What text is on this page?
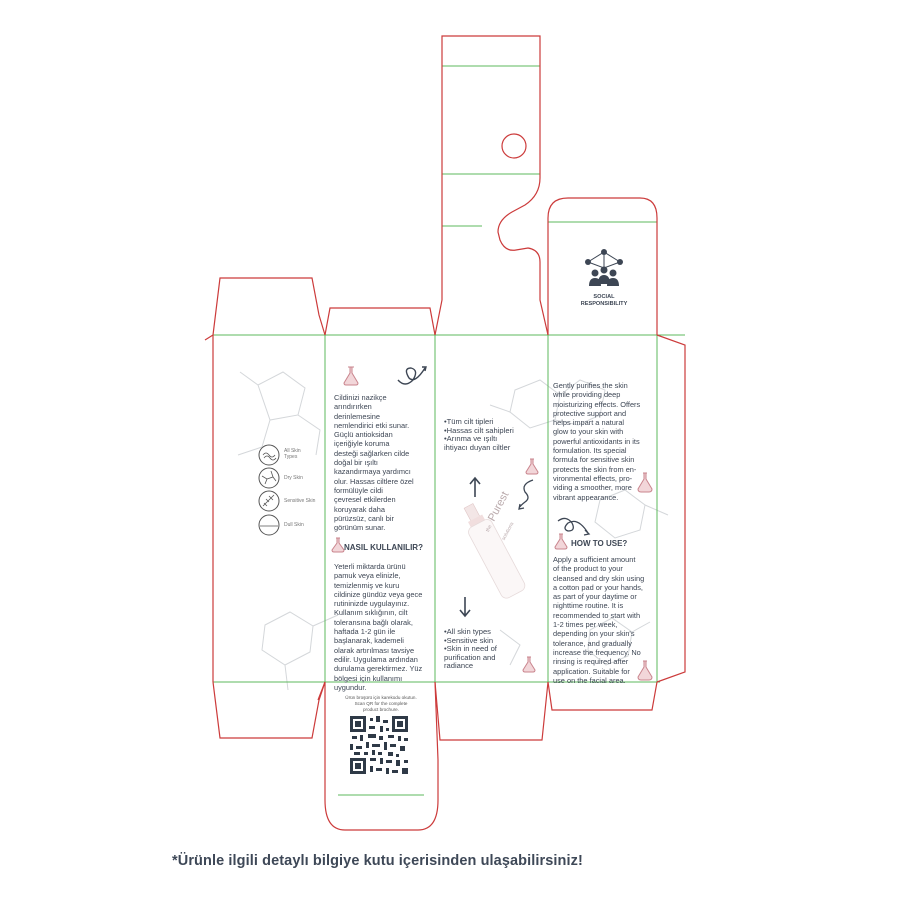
All Skin
Types
Dry Skin
Sensitive Skin
Dull Skin
Cildinizi nazikçe
arındırırken
derinlemesine
nemlendirici etki sunar.
Güçlü antioksidan
içeriğiyle koruma
desteği sağlarken cilde
doğal bir ışıltı
kazandırmaya yardımcı
olur. Hassas ciltlere özel
formülüyle cildi
çevresel etkilerden
koruyarak daha
pürüzsüz, canlı bir
görünüm sunar.
NASIL KULLANILIR?
Yeterli miktarda ürünü
pamuk veya elinizle,
temizlenmiş ve kuru
cildinize gündüz veya gece
rutininizde uygulayınız.
Kullanım sıklığının, cilt
toleransına bağlı olarak,
haftada 1-2 gün ile
başlanarak, kademeli
olarak artırılması tavsiye
edilir. Uygulama ardından
durulama gerektirmez. Yüz
bölgesi için kullanımı
uygundur.
•Tüm cilt tipleri
•Hassas cilt sahipleri
•Arınma ve ışıltı
ihtiyacı duyan ciltler
the Purest solutions
•All skin types
•Sensitive skin
•Skin in need of
purification and
radiance
Gently purifies the skin
while providing deep
moisturizing effects. Offers
protective support and
helps impart a natural
glow to your skin with
powerful antioxidants in its
formulation. Its special
formula for sensitive skin
protects the skin from en-
vironmental effects, pro-
viding a smoother, more
vibrant appearance.
HOW TO USE?
Apply a sufficient amount
of the product to your
cleansed and dry skin using
a cotton pad or your hands,
as part of your daytime or
nighttime routine. It is
recommended to start with
1-2 times per week,
depending on your skin's
tolerance, and gradually
increase the frequency. No
rinsing is required after
application. Suitable for
use on the facial area.
SOCIAL
RESPONSIBILITY
Ürün broşürü için karekodu okutun.
Scan QR for the complete
product brochure.
*Ürünle ilgili detaylı bilgiye kutu içerisinden ulaşabilirsiniz!
